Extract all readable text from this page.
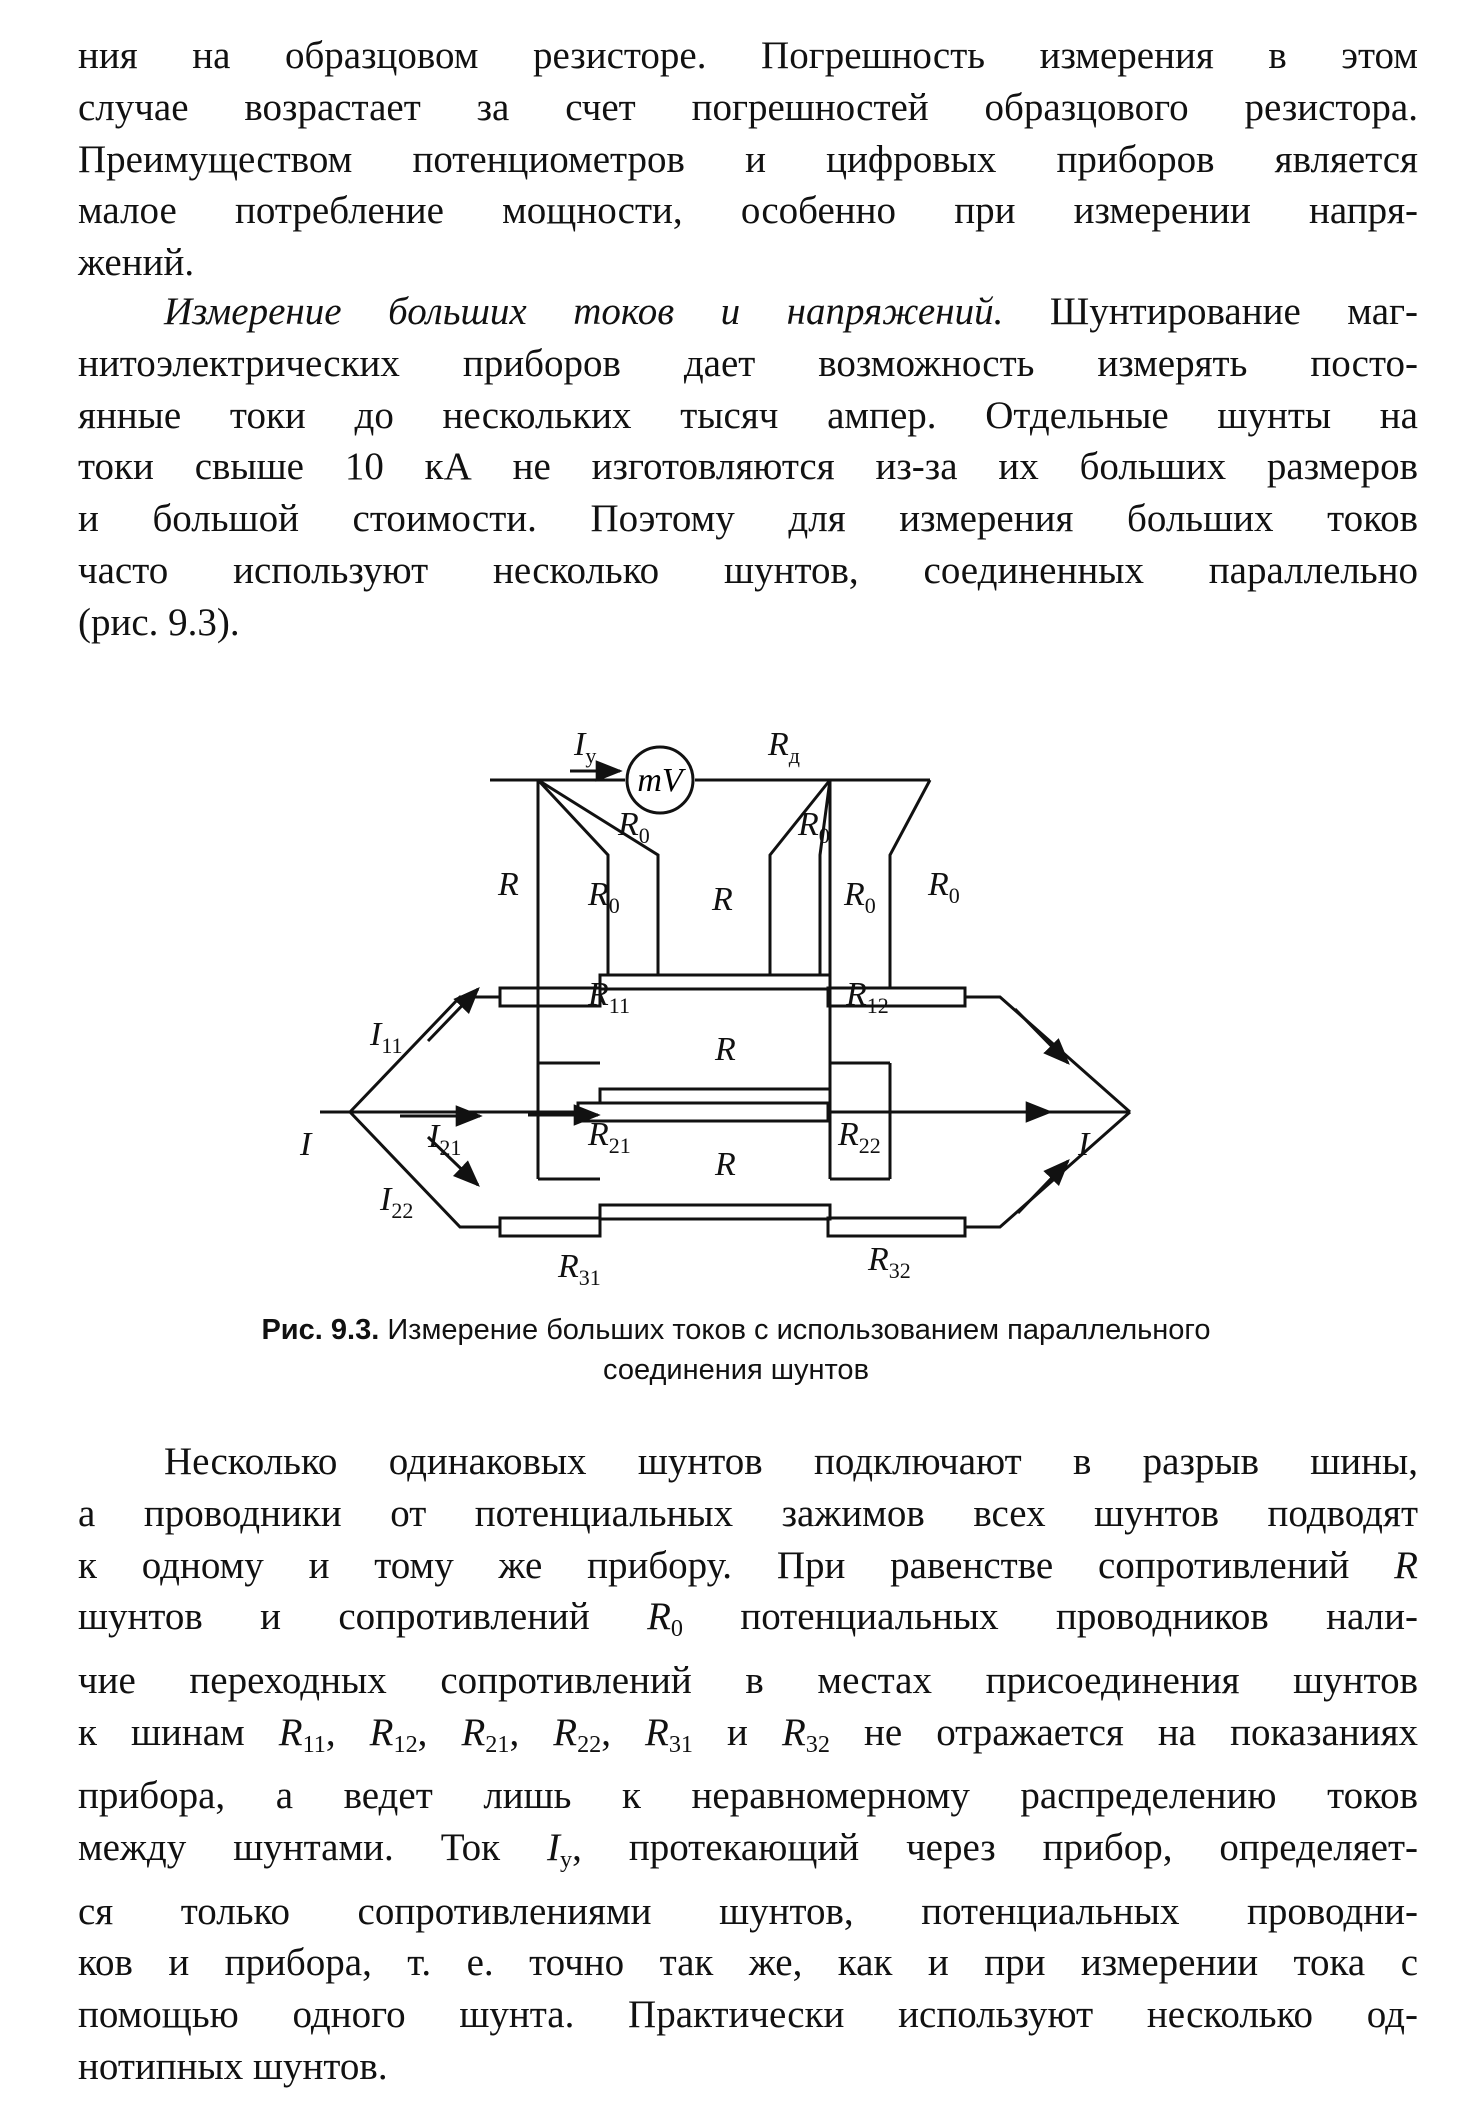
ния на образцовом резисторе. Погрешность измерения в этом
случае возрастает за счет погрешностей образцового резистора.
Преимуществом потенциометров и цифровых приборов является
малое потребление мощности, особенно при измерении напря-
жений.
Измерение больших токов и напряжений. Шунтирование маг-
нитоэлектрических приборов дает возможность измерять посто-
янные токи до нескольких тысяч ампер. Отдельные шунты на
токи свыше 10 кА не изготовляются из-за их больших размеров
и большой стоимости. Поэтому для измерения больших токов
часто используют несколько шунтов, соединенных параллельно
(рис. 9.3).
mV
$I_у$	$R_д$
$R_0$	$R_0$
R $R_0$	R	$R_0$
$R_0$
$R_{11}$	$R_{12}$
R
$R_{21}$	$R_{22}$
R
$R_{31}$	$R_{32}$
$I_{11}$
I	$I_{21}$
$I_{22}$
I
Рис. 9.3. Измерение больших токов с использованием параллельного
соединения шунтов
Несколько одинаковых шунтов подключают в разрыв шины,
а проводники от потенциальных зажимов всех шунтов подводят
к одному и тому же прибору. При равенстве сопротивлений R
шунтов и сопротивлений $R_0$ потенциальных проводников нали-
чие переходных сопротивлений в местах присоединения шунтов
к шинам $R_{11}$, $R_{12}$, $R_{21}$, $R_{22}$, $R_{31}$ и $R_{32}$ не отражается на показаниях
прибора, а ведет лишь к неравномерному распределению токов
между шунтами. Ток $I_у$, протекающий через прибор, определяет-
ся только сопротивлениями шунтов, потенциальных проводни-
ков и прибора, т. е. точно так же, как и при измерении тока с
помощью одного шунта. Практически используют несколько од-
нотипных шунтов.
